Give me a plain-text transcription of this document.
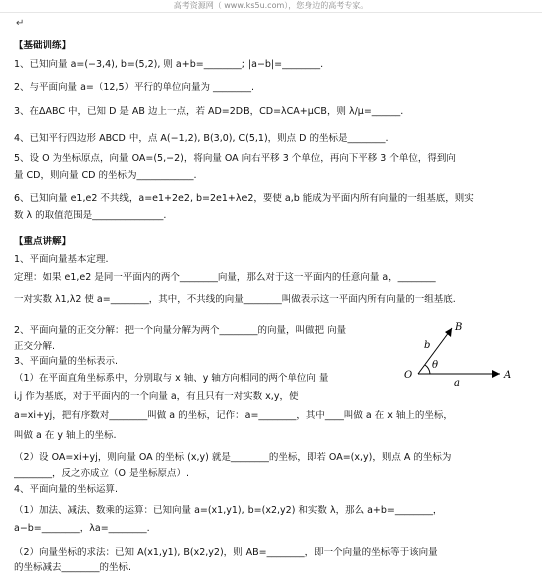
高考资源网（ www.ks5u.com），您身边的高考专家。
↵
【基础训练】
1、已知向量 a=(−3,4), b=(5,2), 则 a+b=________; |a−b|=________.
2、与平面向量 a=（12,5）平行的单位向量为 ________.
3、在ΔABC 中，已知 D 是 AB 边上一点，若 AD=2DB，CD=λCA+μCB，则 λ/μ=______.
4、已知平行四边形 ABCD 中，点 A(−1,2), B(3,0), C(5,1)，则点 D 的坐标是________.
5、设 O 为坐标原点，向量 OA=(5,−2)，将向量 OA 向右平移 3 个单位，再向下平移 3 个单位，得到向
量 CD，则向量 CD 的坐标为____________.
6、已知向量 e1,e2 不共线，a=e1+2e2, b=2e1+λe2，要使 a,b 能成为平面内所有向量的一组基底，则实
数 λ 的取值范围是_______________.
【重点讲解】
1、平面向量基本定理.
定理：如果 e1,e2 是同一平面内的两个________向量，那么对于这一平面内的任意向量 a，________
一对实数 λ1,λ2 使 a=________，其中，不共线的向量________叫做表示这一平面内所有向量的一组基底.
2、平面向量的正交分解：把一个向量分解为两个________的向量，叫做把 向量
正交分解.
3、平面向量的坐标表示.
（1）在平面直角坐标系中，分别取与 x 轴、y 轴方向相同的两个单位向 量
i,j 作为基底，对于平面内的一个向量 a，有且只有一对实数 x,y，使
a=xi+yj，把有序数对________叫做 a 的坐标，记作：a=________，其中____叫做 a 在 x 轴上的坐标，
叫做 a 在 y 轴上的坐标.
（2）设 OA=xi+yj，则向量 OA 的坐标 (x,y) 就是________的坐标，即若 OA=(x,y)，则点 A 的坐标为
________，反之亦成立（O 是坐标原点）.
4、平面向量的坐标运算.
（1）加法、减法、数乘的运算：已知向量 a=(x1,y1), b=(x2,y2) 和实数 λ，那么 a+b=________，
a−b=________，λa=________.
（2）向量坐标的求法：已知 A(x1,y1), B(x2,y2)，则 AB=________，即一个向量的坐标等于该向量
的坐标减去________的坐标.
B
b
θ
O	A
a
